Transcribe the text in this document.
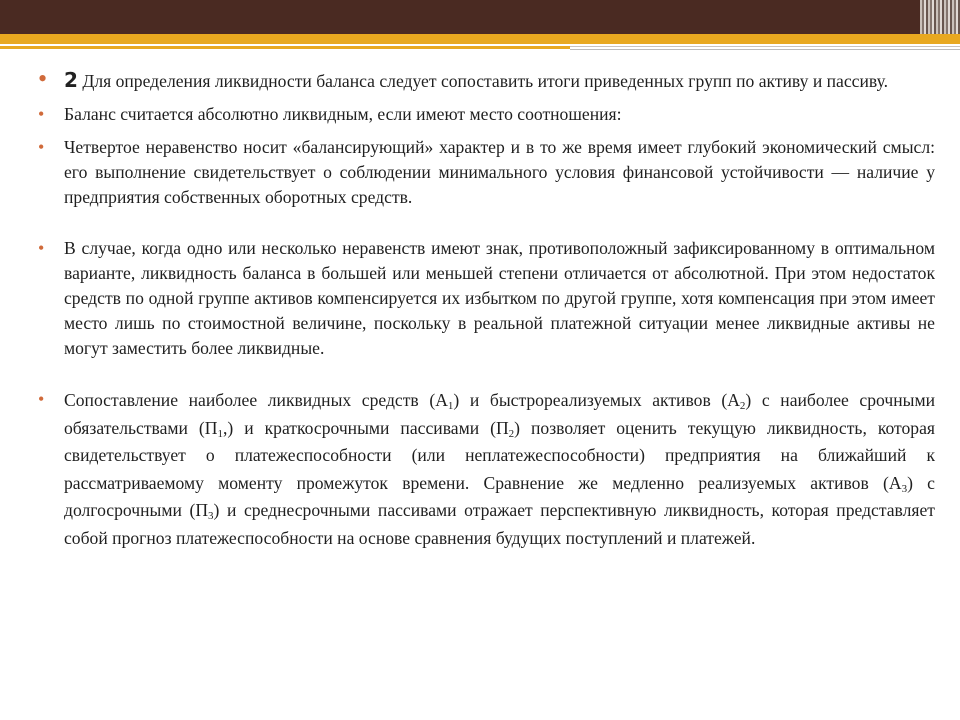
• 2 Для определения ликвидности баланса следует сопоставить итоги приведенных групп по активу и пассиву.
• Баланс считается абсолютно ликвидным, если имеют место соотношения:
• Четвертое неравенство носит «балансирующий» характер и в то же время имеет глубокий экономический смысл: его выполнение свидетельствует о соблюдении минимального условия финансовой устойчивости — наличие у предприятия собственных оборотных средств.
• В случае, когда одно или несколько неравенств имеют знак, противоположный зафиксированному в оптимальном варианте, ликвидность баланса в большей или меньшей степени отличается от абсолютной. При этом недостаток средств по одной группе активов компенсируется их избытком по другой группе, хотя компенсация при этом имеет место лишь по стоимостной величине, поскольку в реальной платежной ситуации менее ликвидные активы не могут заместить более ликвидные.
• Сопоставление наиболее ликвидных средств $(А_1)$ и быстрореализуемых активов $(А_2)$ с наиболее срочными обязательствами $(П_1,)$ и краткосрочными пассивами $(П_2)$ позволяет оценить текущую ликвидность, которая свидетельствует о платежеспособности (или неплатежеспособности) предприятия на ближайший к рассматриваемому моменту промежуток времени. Сравнение же медленно реализуемых активов $(А_3)$ с долгосрочными $(П_3)$ и среднесрочными пассивами отражает перспективную ликвидность, которая представляет собой прогноз платежеспособности на основе сравнения будущих поступлений и платежей.
